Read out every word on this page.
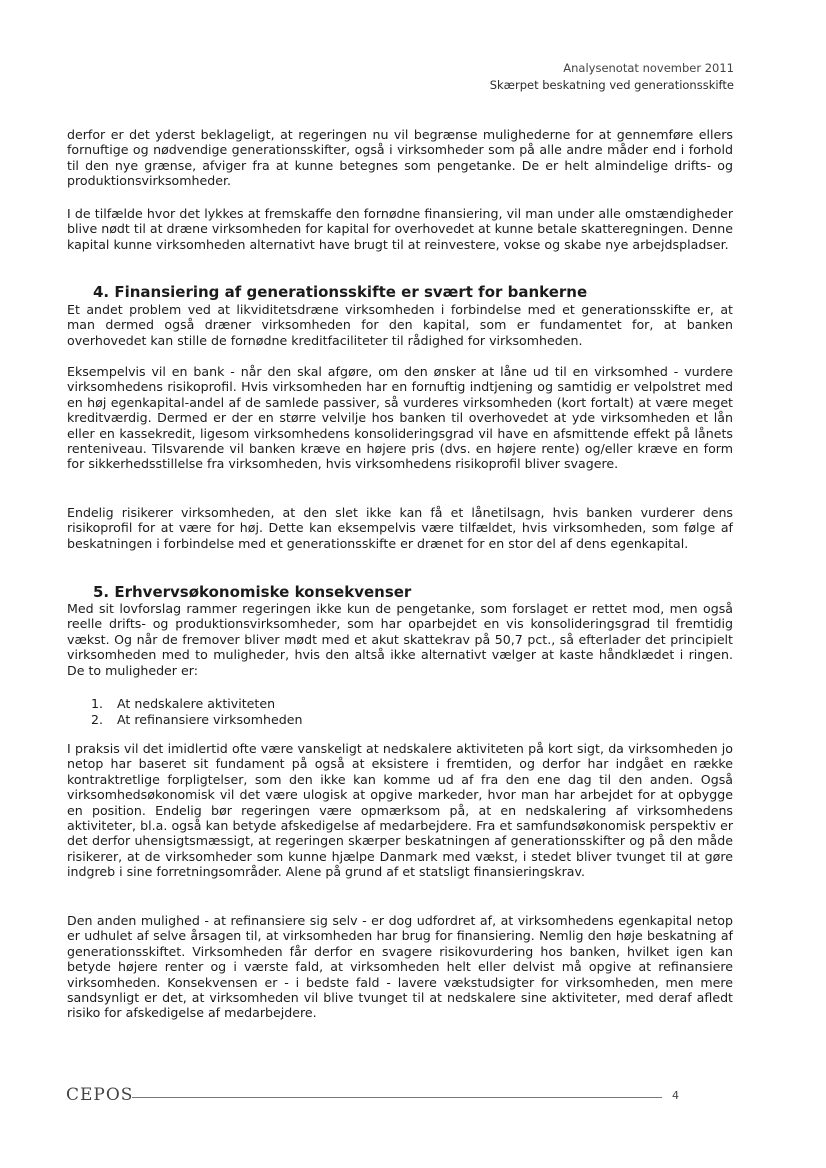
Analysenotat november 2011
Skærpet beskatning ved generationsskifte

derfor er det yderst beklageligt, at regeringen nu vil begrænse mulighederne for at gennemføre ellers fornuftige og nødvendige generationsskifter, også i virksomheder som på alle andre måder end i forhold til den nye grænse, afviger fra at kunne betegnes som pengetanke. De er helt almindelige drifts- og produktionsvirksomheder.

I de tilfælde hvor det lykkes at fremskaffe den fornødne finansiering, vil man under alle omstændigheder blive nødt til at dræne virksomheden for kapital for overhovedet at kunne betale skatteregningen. Denne kapital kunne virksomheden alternativt have brugt til at reinvestere, vokse og skabe nye arbejdspladser.

4. Finansiering af generationsskifte er svært for bankerne

Et andet problem ved at likviditetsdræne virksomheden i forbindelse med et generationsskifte er, at man dermed også dræner virksomheden for den kapital, som er fundamentet for, at banken overhovedet kan stille de fornødne kreditfaciliteter til rådighed for virksomheden.

Eksempelvis vil en bank - når den skal afgøre, om den ønsker at låne ud til en virksomhed - vurdere virksomhedens risikoprofil. Hvis virksomheden har en fornuftig indtjening og samtidig er velpolstret med en høj egenkapital-andel af de samlede passiver, så vurderes virksomheden (kort fortalt) at være meget kreditværdig. Dermed er der en større velvilje hos banken til overhovedet at yde virksomheden et lån eller en kassekredit, ligesom virksomhedens konsolideringsgrad vil have en afsmittende effekt på lånets renteniveau. Tilsvarende vil banken kræve en højere pris (dvs. en højere rente) og/eller kræve en form for sikkerhedsstillelse fra virksomheden, hvis virksomhedens risikoprofil bliver svagere.

Endelig risikerer virksomheden, at den slet ikke kan få et lånetilsagn, hvis banken vurderer dens risikoprofil for at være for høj. Dette kan eksempelvis være tilfældet, hvis virksomheden, som følge af beskatningen i forbindelse med et generationsskifte er drænet for en stor del af dens egenkapital.

5. Erhvervsøkonomiske konsekvenser

Med sit lovforslag rammer regeringen ikke kun de pengetanke, som forslaget er rettet mod, men også reelle drifts- og produktionsvirksomheder, som har oparbejdet en vis konsolideringsgrad til fremtidig vækst. Og når de fremover bliver mødt med et akut skattekrav på 50,7 pct., så efterlader det principielt virksomheden med to muligheder, hvis den altså ikke alternativt vælger at kaste håndklædet i ringen. De to muligheder er:

1.	At nedskalere aktiviteten
2.	At refinansiere virksomheden

I praksis vil det imidlertid ofte være vanskeligt at nedskalere aktiviteten på kort sigt, da virksomheden jo netop har baseret sit fundament på også at eksistere i fremtiden, og derfor har indgået en række kontraktretlige forpligtelser, som den ikke kan komme ud af fra den ene dag til den anden. Også virksomhedsøkonomisk vil det være ulogisk at opgive markeder, hvor man har arbejdet for at opbygge en position. Endelig bør regeringen være opmærksom på, at en nedskalering af virksomhedens aktiviteter, bl.a. også kan betyde afskedigelse af medarbejdere. Fra et samfundsøkonomisk perspektiv er det derfor uhensigtsmæssigt, at regeringen skærper beskatningen af generationsskifter og på den måde risikerer, at de virksomheder som kunne hjælpe Danmark med vækst, i stedet bliver tvunget til at gøre indgreb i sine forretningsområder. Alene på grund af et statsligt finansieringskrav.

Den anden mulighed - at refinansiere sig selv - er dog udfordret af, at virksomhedens egenkapital netop er udhulet af selve årsagen til, at virksomheden har brug for finansiering. Nemlig den høje beskatning af generationsskiftet. Virksomheden får derfor en svagere risikovurdering hos banken, hvilket igen kan betyde højere renter og i værste fald, at virksomheden helt eller delvist må opgive at refinansiere virksomheden. Konsekvensen er - i bedste fald - lavere vækstudsigter for virksomheden, men mere sandsynligt er det, at virksomheden vil blive tvunget til at nedskalere sine aktiviteter, med deraf afledt risiko for afskedigelse af medarbejdere.

CEPOS	4
